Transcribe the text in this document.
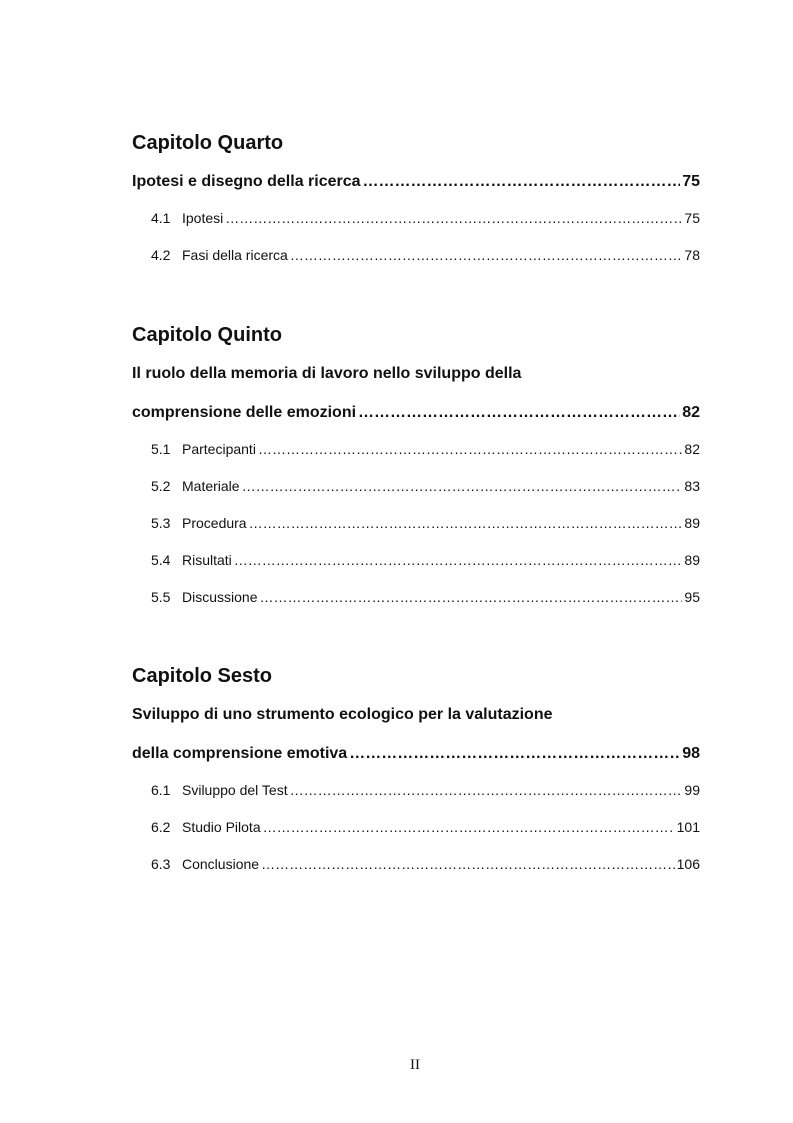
Capitolo Quarto
Ipotesi e disegno della ricerca ……………………………………………………………………………………………………………………………………………………………………	75
4.1 Ipotesi ………………………………………………………………………………………………………………………………………………………………………………	75
4.2 Fasi della ricerca ………………………………………………………………………………………………………………………………………………………………………………	78
Capitolo Quinto
Il ruolo della memoria di lavoro nello sviluppo della
comprensione delle emozioni ……………………………………………………………………………………………………………………………………………………………………	82
5.1 Partecipanti ………………………………………………………………………………………………………………………………………………………………………………	82
5.2 Materiale ………………………………………………………………………………………………………………………………………………………………………………	83
5.3 Procedura ………………………………………………………………………………………………………………………………………………………………………………	89
5.4 Risultati ………………………………………………………………………………………………………………………………………………………………………………	89
5.5 Discussione ………………………………………………………………………………………………………………………………………………………………………………	95
Capitolo Sesto
Sviluppo di uno strumento ecologico per la valutazione
della comprensione emotiva ……………………………………………………………………………………………………………………………………………………………………	98
6.1 Sviluppo del Test ………………………………………………………………………………………………………………………………………………………………………………	99
6.2 Studio Pilota ………………………………………………………………………………………………………………………………………………………………………………	101
6.3 Conclusione ………………………………………………………………………………………………………………………………………………………………………………	106
II
